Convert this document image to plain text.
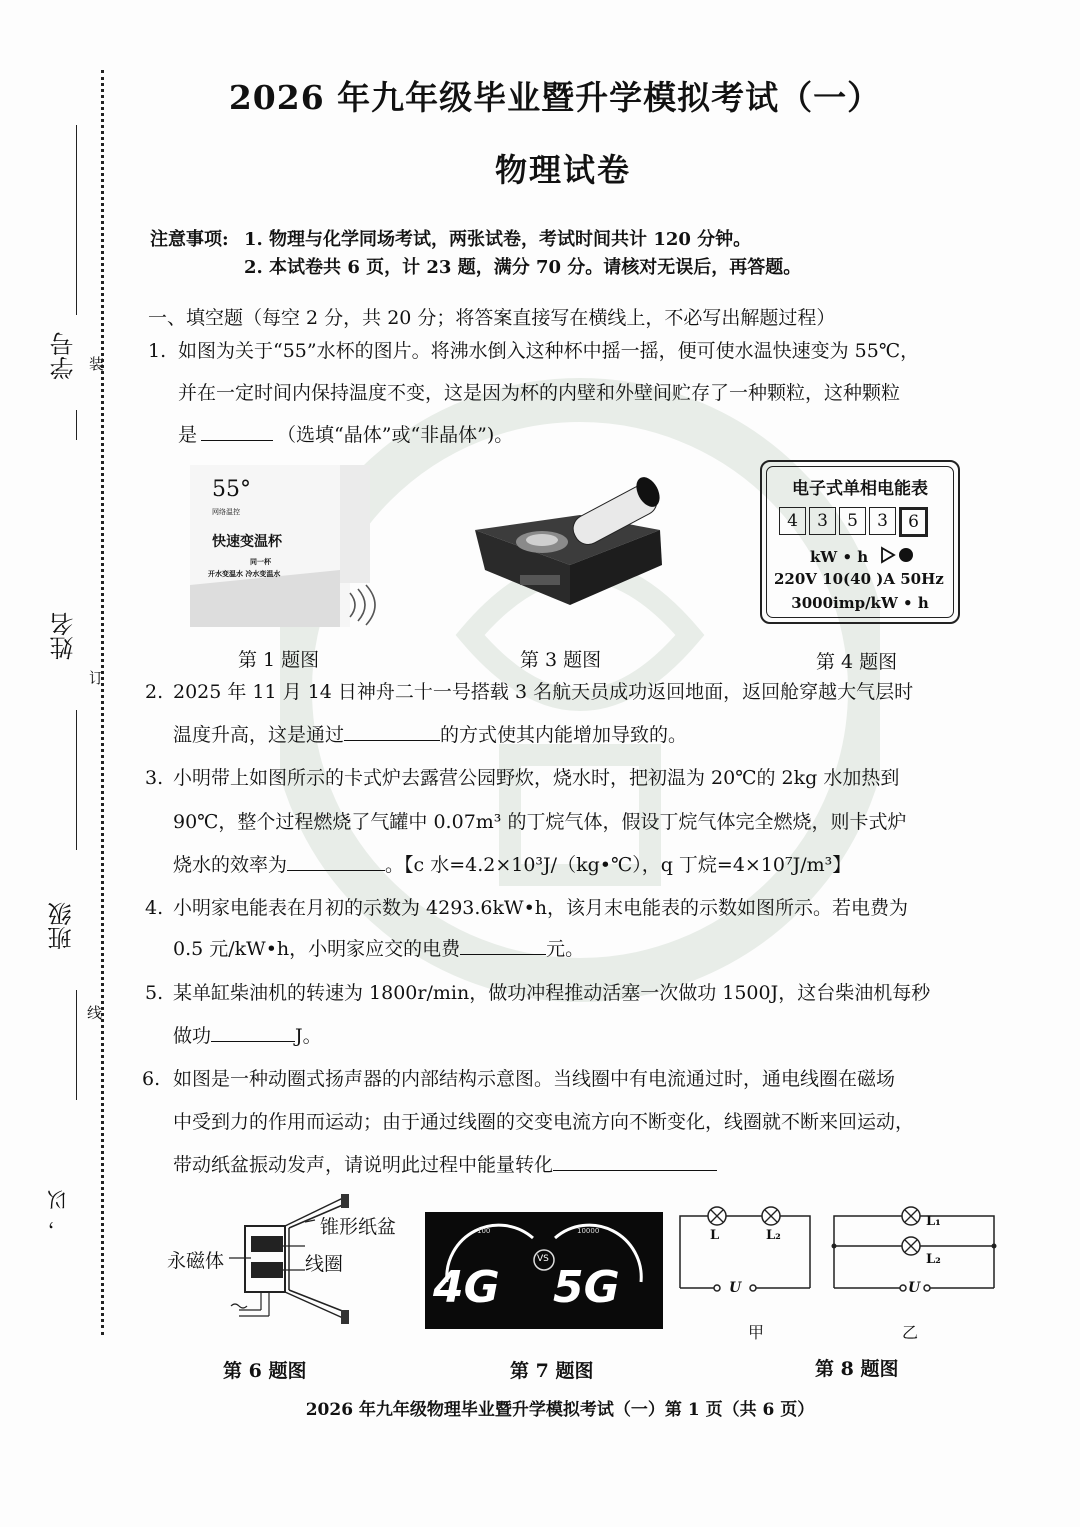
学号
姓名
班级
，以
装
订
线
2026 年九年级毕业暨升学模拟考试（一）
物理试卷
注意事项: 1. 物理与化学同场考试，两张试卷，考试时间共计 120 分钟。
2. 本试卷共 6 页，计 23 题，满分 70 分。请核对无误后，再答题。
一、填空题（每空 2 分，共 20 分；将答案直接写在横线上，不必写出解题过程）
1. 如图为关于“55”水杯的图片。将沸水倒入这种杯中摇一摇，便可使水温快速变为 55℃，
并在一定时间内保持温度不变，这是因为杯的内壁和外壁间贮存了一种颗粒，这种颗粒
是	（选填“晶体”或“非晶体”)。
55°
网络温控
快速变温杯
同一杯
开水变温水 冷水变温水
电子式单相电能表
4	3	5	3	6
kW • h
220V 10(40 )A 50Hz
3000imp/kW • h
第 1 题图	第 3 题图	第 4 题图
2. 2025 年 11 月 14 日神舟二十一号搭载 3 名航天员成功返回地面，返回舱穿越大气层时
温度升高，这是通过	的方式使其内能增加导致的。
3. 小明带上如图所示的卡式炉去露营公园野炊，烧水时，把初温为 20℃的 2kg 水加热到
90℃，整个过程燃烧了气罐中 0.07m³ 的丁烷气体，假设丁烷气体完全燃烧，则卡式炉
烧水的效率为	。【c 水=4.2×10³J/（kg•℃），q 丁烷=4×10⁷J/m³】
4. 小明家电能表在月初的示数为 4293.6kW•h，该月末电能表的示数如图所示。若电费为
0.5 元/kW•h，小明家应交的电费	元。
5. 某单缸柴油机的转速为 1800r/min，做功冲程推动活塞一次做功 1500J，这台柴油机每秒
做功	J。
6. 如图是一种动圈式扬声器的内部结构示意图。当线圈中有电流通过时，通电线圈在磁场
中受到力的作用而运动；由于通过线圈的交变电流方向不断变化，线圈就不断来回运动，
带动纸盆振动发声，请说明此过程中能量转化
永磁体
锥形纸盆
线圈
100	10000
VS
4G 5G
L	L₂
U
甲
L₁
L₂
U
乙
第 6 题图	第 7 题图	第 8 题图
2026 年九年级物理毕业暨升学模拟考试（一）第 1 页（共 6 页）
